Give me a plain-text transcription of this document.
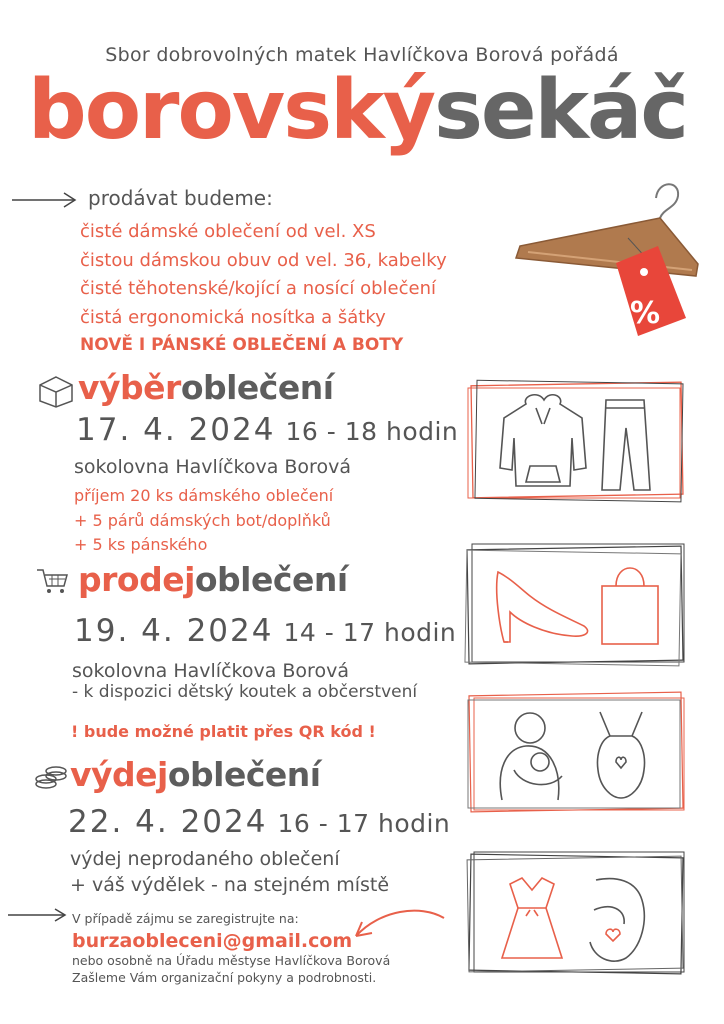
Sbor dobrovolných matek Havlíčkova Borová pořádá
borovskýsekáč
prodávat budeme:
čisté dámské oblečení od vel. XS
čistou dámskou obuv od vel. 36, kabelky
čisté těhotenské/kojící a nosící oblečení
čistá ergonomická nosítka a šátky
NOVĚ I PÁNSKÉ OBLEČENÍ A BOTY
%
výběroblečení
17. 4. 2024 16 - 18 hodin
sokolovna Havlíčkova Borová
příjem 20 ks dámského oblečení
+ 5 párů dámských bot/doplňků
+ 5 ks pánského
prodejoblečení
19. 4. 2024 14 - 17 hodin
sokolovna Havlíčkova Borová
- k dispozici dětský koutek a občerstvení
! bude možné platit přes QR kód !
výdejoblečení
22. 4. 2024 16 - 17 hodin
výdej neprodaného oblečení
+ váš výdělek - na stejném místě
V případě zájmu se zaregistrujte na:
burzaobleceni@gmail.com
nebo osobně na Úřadu městyse Havlíčkova Borová
Zašleme Vám organizační pokyny a podrobnosti.
